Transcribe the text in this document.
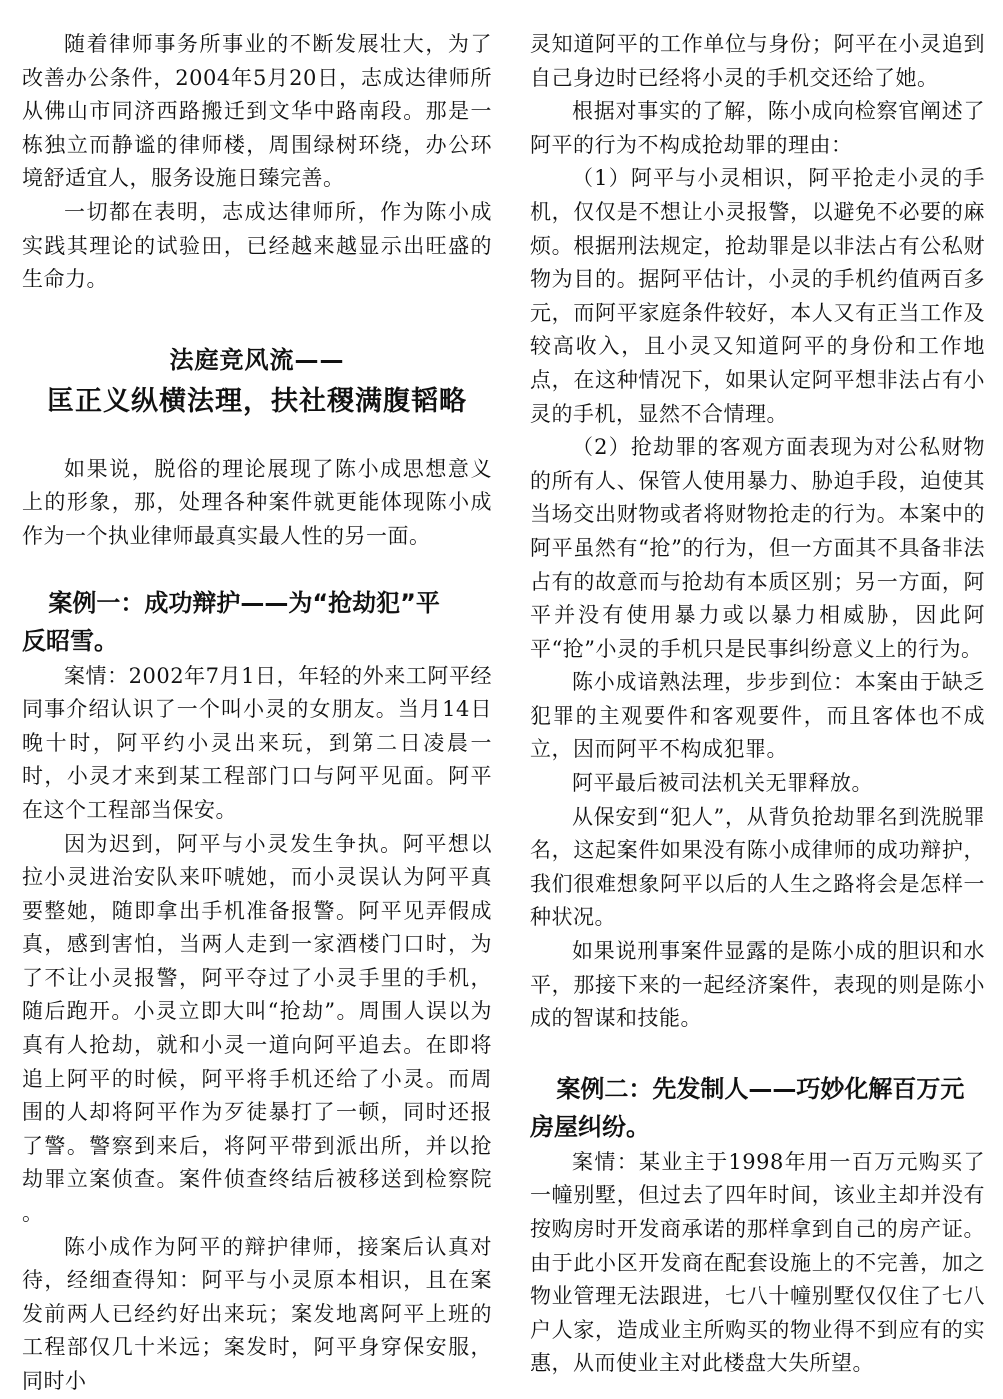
随着律师事务所事业的不断发展壮大，为了改善办公条件，2004年5月20日，志成达律师所从佛山市同济西路搬迁到文华中路南段。那是一栋独立而静谧的律师楼，周围绿树环绕，办公环境舒适宜人，服务设施日臻完善。

一切都在表明，志成达律师所，作为陈小成实践其理论的试验田，已经越来越显示出旺盛的生命力。

法庭竞风流——
匡正义纵横法理，扶社稷满腹韬略

如果说，脱俗的理论展现了陈小成思想意义上的形象，那，处理各种案件就更能体现陈小成作为一个执业律师最真实最人性的另一面。

案例一：成功辩护——为“抢劫犯”平
反昭雪。

案情：2002年7月1日，年轻的外来工阿平经同事介绍认识了一个叫小灵的女朋友。当月14日晚十时，阿平约小灵出来玩，到第二日凌晨一时，小灵才来到某工程部门口与阿平见面。阿平在这个工程部当保安。

因为迟到，阿平与小灵发生争执。阿平想以拉小灵进治安队来吓唬她，而小灵误认为阿平真要整她，随即拿出手机准备报警。阿平见弄假成真，感到害怕，当两人走到一家酒楼门口时，为了不让小灵报警，阿平夺过了小灵手里的手机，随后跑开。小灵立即大叫“抢劫”。周围人误以为真有人抢劫，就和小灵一道向阿平追去。在即将追上阿平的时候，阿平将手机还给了小灵。而周围的人却将阿平作为歹徒暴打了一顿，同时还报了警。警察到来后，将阿平带到派出所，并以抢劫罪立案侦查。案件侦查终结后被移送到检察院 。

陈小成作为阿平的辩护律师，接案后认真对待，经细查得知：阿平与小灵原本相识，且在案发前两人已经约好出来玩；案发地离阿平上班的工程部仅几十米远；案发时，阿平身穿保安服，同时小

灵知道阿平的工作单位与身份；阿平在小灵追到自己身边时已经将小灵的手机交还给了她。

根据对事实的了解，陈小成向检察官阐述了阿平的行为不构成抢劫罪的理由：

（1）阿平与小灵相识，阿平抢走小灵的手机，仅仅是不想让小灵报警，以避免不必要的麻烦。根据刑法规定，抢劫罪是以非法占有公私财物为目的。据阿平估计，小灵的手机约值两百多元，而阿平家庭条件较好，本人又有正当工作及较高收入，且小灵又知道阿平的身份和工作地点，在这种情况下，如果认定阿平想非法占有小灵的手机，显然不合情理。

（2）抢劫罪的客观方面表现为对公私财物的所有人、保管人使用暴力、胁迫手段，迫使其当场交出财物或者将财物抢走的行为。本案中的阿平虽然有“抢”的行为，但一方面其不具备非法占有的故意而与抢劫有本质区别；另一方面，阿平并没有使用暴力或以暴力相威胁，因此阿平“抢”小灵的手机只是民事纠纷意义上的行为。

陈小成谙熟法理，步步到位：本案由于缺乏犯罪的主观要件和客观要件，而且客体也不成立，因而阿平不构成犯罪。

阿平最后被司法机关无罪释放。

从保安到“犯人”，从背负抢劫罪名到洗脱罪名，这起案件如果没有陈小成律师的成功辩护，我们很难想象阿平以后的人生之路将会是怎样一种状况。

如果说刑事案件显露的是陈小成的胆识和水平，那接下来的一起经济案件，表现的则是陈小成的智谋和技能。

案例二：先发制人——巧妙化解百万元
房屋纠纷。

案情：某业主于1998年用一百万元购买了一幢别墅，但过去了四年时间，该业主却并没有按购房时开发商承诺的那样拿到自己的房产证。由于此小区开发商在配套设施上的不完善，加之物业管理无法跟进，七八十幢别墅仅仅住了七八户人家，造成业主所购买的物业得不到应有的实惠，从而使业主对此楼盘大失所望。
